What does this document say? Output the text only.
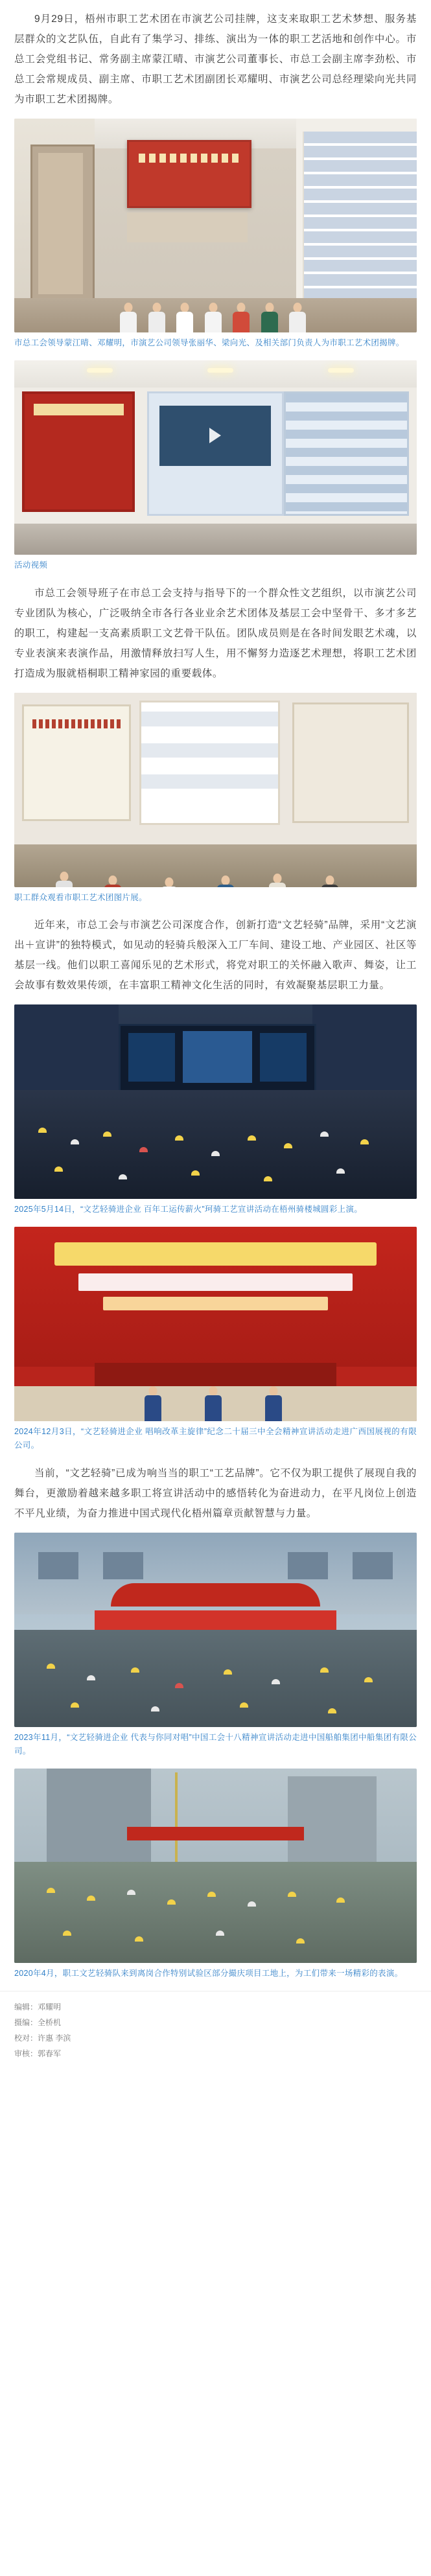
9月29日，梧州市职工艺术团在市演艺公司挂牌，这支来取职工艺术梦想、服务基层群众的文艺队伍，自此有了集学习、排练、演出为一体的职工艺活地和创作中心。市总工会党组书记、常务副主席蒙江晴、市演艺公司董事长、市总工会副主席李劲松、市总工会常规成员、副主席、市职工艺术团副团长邓耀明、市演艺公司总经理梁向光共同为市职工艺术团揭牌。

市总工会领导蒙江晴、邓耀明，市演艺公司领导张丽华、梁向光、及相关部门负责人为市职工艺术团揭牌。
活动视频

市总工会领导班子在市总工会支持与指导下的一个群众性文艺组织，以市演艺公司专业团队为核心，广泛吸纳全市各行各业业余艺术团体及基层工会中坚骨干、多才多艺的职工，构建起一支高素质职工文艺骨干队伍。团队成员则是在各时间发眼艺术魂，以专业表演来表演作品，用激情释放扫写人生，用不懈努力造逐艺术理想，将职工艺术团打造成为服就梧桐职工精神家园的重要载体。

职工群众观看市职工艺术团图片展。

近年来，市总工会与市演艺公司深度合作，创新打造“文艺轻骑”品牌，采用“文艺演出＋宣讲”的独特模式，如见动的轻骑兵般深入工厂车间、建设工地、产业园区、社区等基层一线。他们以职工喜闻乐见的艺术形式，将党对职工的关怀融入歌声、舞姿，让工会故事有数效果传颂，在丰富职工精神文化生活的同时，有效凝聚基层职工力量。

2025年5月14日，“文艺轻骑进企业 百年工运传薪火”珂骑工艺宣讲活动在梧州骑楼城圆彩上演。
2024年12月3日，“文艺轻骑进企业 唱响改革主旋律”纪念二十届三中全会精神宣讲活动走进广西国展视的有限公司。

当前，“文艺轻骑”已成为响当当的职工“工艺品牌”。它不仅为职工提供了展现自我的舞台，更激励着越来越多职工将宣讲活动中的感悟转化为奋进动力，在平凡岗位上创造不平凡业绩，为奋力推进中国式现代化梧州篇章贡献智慧与力量。

2023年11月，“文艺轻骑进企业 代表与你同对唱”中国工会十八精神宣讲活动走进中国船舶集团中船集团有限公司。
2020年4月，职工文艺轻骑队来到离岗合作特别试验区部分撮庆项目工地上，为工们带来一场精彩的表演。
编辑：邓耀明
摄编：全桥机
校对：许惠 李滨
审核：郭春军
